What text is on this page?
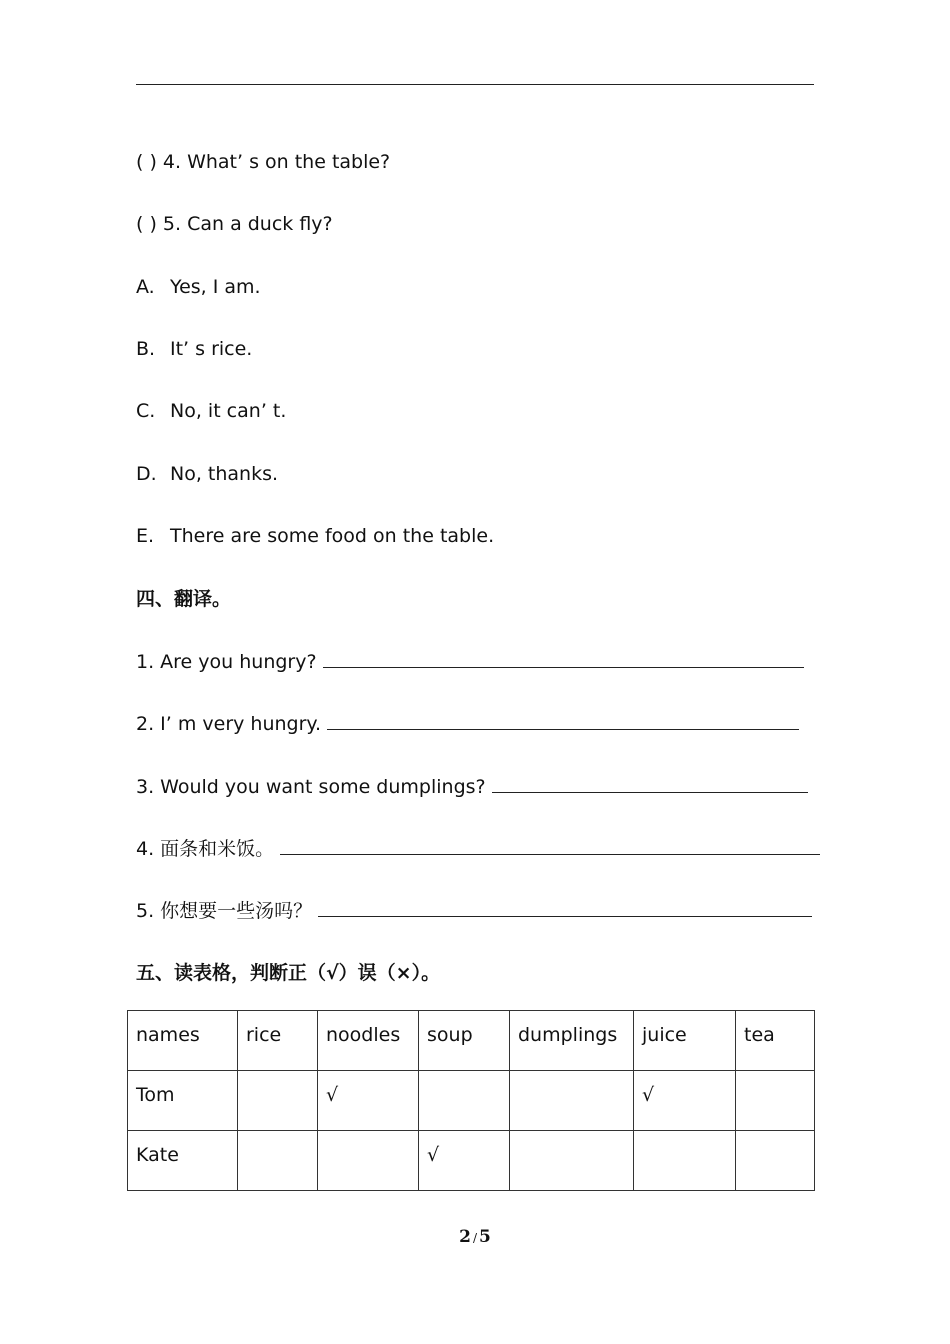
( ) 4. What’ s on the table?
( ) 5. Can a duck fly?
A. Yes, I am.
B. It’ s rice.
C. No, it can’ t.
D. No, thanks.
E. There are some food on the table.
四、翻译。
1. Are you hungry?
2. I’ m very hungry.
3. Would you want some dumplings?
4. 面条和米饭。
5. 你想要一些汤吗？
五、读表格，判断正（√）误（×）。
names	rice	noodles	soup	dumplings	juice	tea
Tom		√			√	
Kate			√			
2 / 5
